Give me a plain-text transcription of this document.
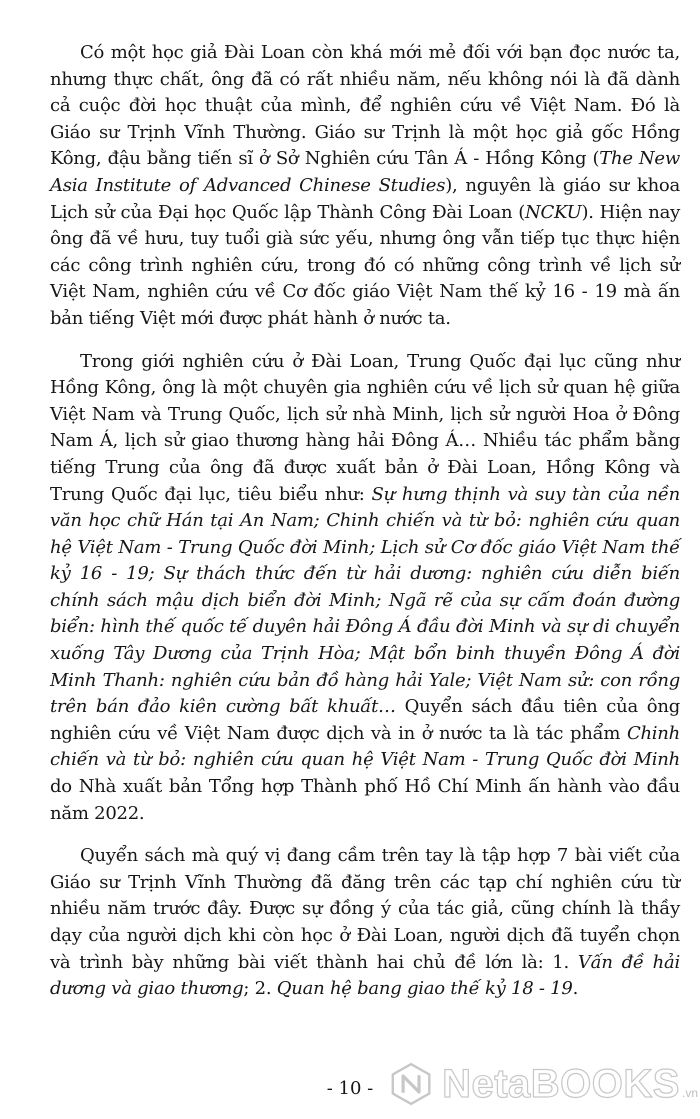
Có một học giả Đài Loan còn khá mới mẻ đối với bạn đọc nước ta, nhưng thực chất, ông đã có rất nhiều năm, nếu không nói là đã dành cả cuộc đời học thuật của mình, để nghiên cứu về Việt Nam. Đó là Giáo sư Trịnh Vĩnh Thường. Giáo sư Trịnh là một học giả gốc Hồng Kông, đậu bằng tiến sĩ ở Sở Nghiên cứu Tân Á - Hồng Kông (The New Asia Institute of Advanced Chinese Studies), nguyên là giáo sư khoa Lịch sử của Đại học Quốc lập Thành Công Đài Loan (NCKU). Hiện nay ông đã về hưu, tuy tuổi già sức yếu, nhưng ông vẫn tiếp tục thực hiện các công trình nghiên cứu, trong đó có những công trình về lịch sử Việt Nam, nghiên cứu về Cơ đốc giáo Việt Nam thế kỷ 16 - 19 mà ấn bản tiếng Việt mới được phát hành ở nước ta.

Trong giới nghiên cứu ở Đài Loan, Trung Quốc đại lục cũng như Hồng Kông, ông là một chuyên gia nghiên cứu về lịch sử quan hệ giữa Việt Nam và Trung Quốc, lịch sử nhà Minh, lịch sử người Hoa ở Đông Nam Á, lịch sử giao thương hàng hải Đông Á… Nhiều tác phẩm bằng tiếng Trung của ông đã được xuất bản ở Đài Loan, Hồng Kông và Trung Quốc đại lục, tiêu biểu như: Sự hưng thịnh và suy tàn của nền văn học chữ Hán tại An Nam; Chinh chiến và từ bỏ: nghiên cứu quan hệ Việt Nam - Trung Quốc đời Minh; Lịch sử Cơ đốc giáo Việt Nam thế kỷ 16 - 19; Sự thách thức đến từ hải dương: nghiên cứu diễn biến chính sách mậu dịch biển đời Minh; Ngã rẽ của sự cấm đoán đường biển: hình thế quốc tế duyên hải Đông Á đầu đời Minh và sự di chuyển xuống Tây Dương của Trịnh Hòa; Mật bổn binh thuyền Đông Á đời Minh Thanh: nghiên cứu bản đồ hàng hải Yale; Việt Nam sử: con rồng trên bán đảo kiên cường bất khuất… Quyển sách đầu tiên của ông nghiên cứu về Việt Nam được dịch và in ở nước ta là tác phẩm Chinh chiến và từ bỏ: nghiên cứu quan hệ Việt Nam - Trung Quốc đời Minh do Nhà xuất bản Tổng hợp Thành phố Hồ Chí Minh ấn hành vào đầu năm 2022.

Quyển sách mà quý vị đang cầm trên tay là tập hợp 7 bài viết của Giáo sư Trịnh Vĩnh Thường đã đăng trên các tạp chí nghiên cứu từ nhiều năm trước đây. Được sự đồng ý của tác giả, cũng chính là thầy dạy của người dịch khi còn học ở Đài Loan, người dịch đã tuyển chọn và trình bày những bài viết thành hai chủ đề lớn là: 1. Vấn đề hải dương và giao thương; 2. Quan hệ bang giao thế kỷ 18 - 19.

- 10 -	NetaBOOKS .vn
